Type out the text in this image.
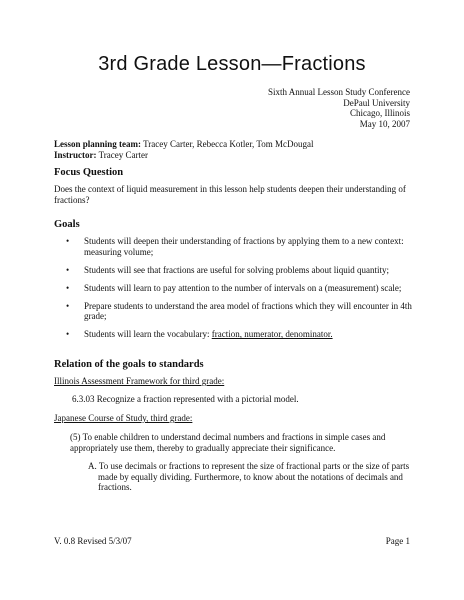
3rd Grade Lesson—Fractions
Sixth Annual Lesson Study Conference
DePaul University
Chicago, Illinois
May 10, 2007
Lesson planning team: Tracey Carter, Rebecca Kotler, Tom McDougal
Instructor: Tracey Carter
Focus Question
Does the context of liquid measurement in this lesson help students deepen their understanding of fractions?
Goals
• Students will deepen their understanding of fractions by applying them to a new context: measuring volume;
• Students will see that fractions are useful for solving problems about liquid quantity;
• Students will learn to pay attention to the number of intervals on a (measurement) scale;
• Prepare students to understand the area model of fractions which they will encounter in 4th grade;
• Students will learn the vocabulary: fraction, numerator, denominator.
Relation of the goals to standards
Illinois Assessment Framework for third grade:
6.3.03 Recognize a fraction represented with a pictorial model.
Japanese Course of Study, third grade:
(5) To enable children to understand decimal numbers and fractions in simple cases and appropriately use them, thereby to gradually appreciate their significance.
A. To use decimals or fractions to represent the size of fractional parts or the size of parts made by equally dividing. Furthermore, to know about the notations of decimals and fractions.
V. 0.8 Revised 5/3/07	Page 1
